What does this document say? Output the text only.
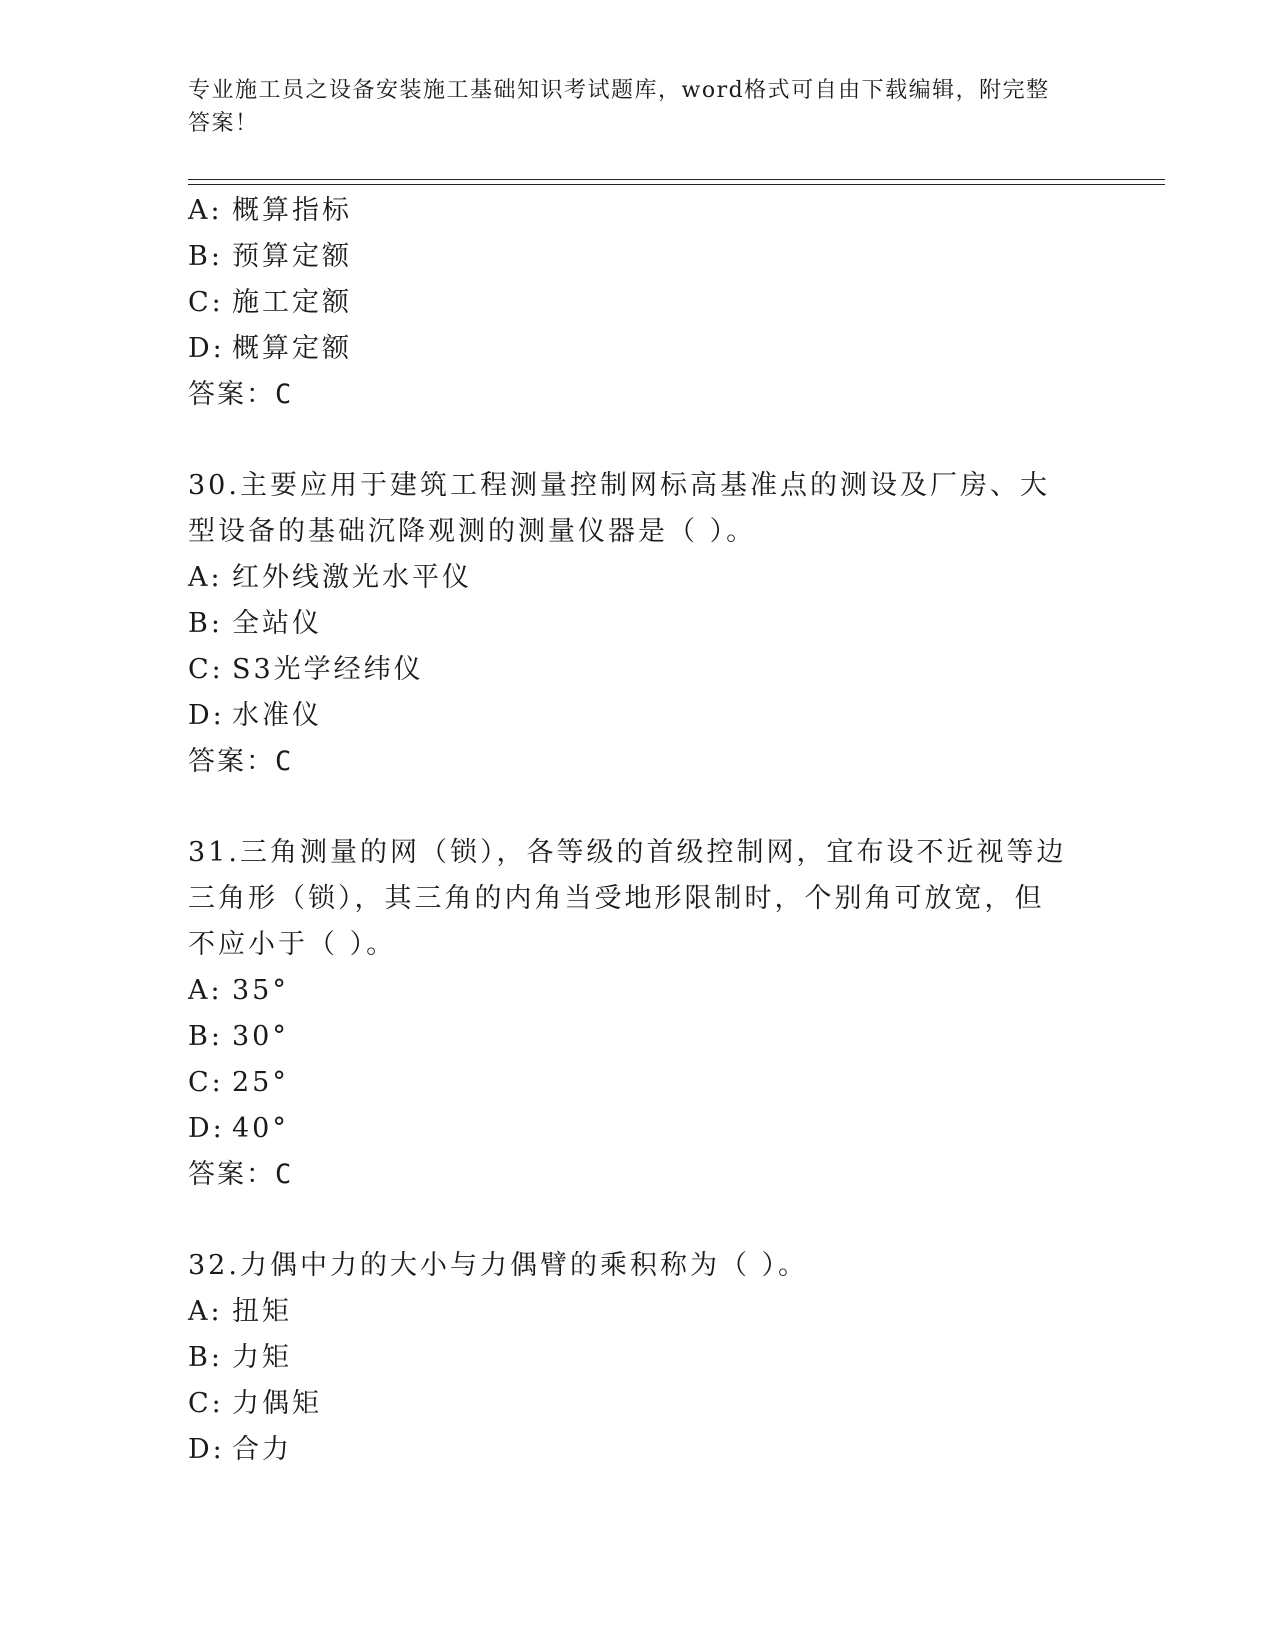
专业施工员之设备安装施工基础知识考试题库，word格式可自由下载编辑，附完整答案！
A: 概算指标
B: 预算定额
C: 施工定额
D: 概算定额
答案：C
30.主要应用于建筑工程测量控制网标高基准点的测设及厂房、大型设备的基础沉降观测的测量仪器是（ ）。
A: 红外线激光水平仪
B: 全站仪
C: S3光学经纬仪
D: 水准仪
答案：C
31.三角测量的网（锁），各等级的首级控制网，宜布设不近视等边三角形（锁），其三角的内角当受地形限制时，个别角可放宽，但不应小于（ ）。
A: 35°
B: 30°
C: 25°
D: 40°
答案：C
32.力偶中力的大小与力偶臂的乘积称为（ ）。
A: 扭矩
B: 力矩
C: 力偶矩
D: 合力
